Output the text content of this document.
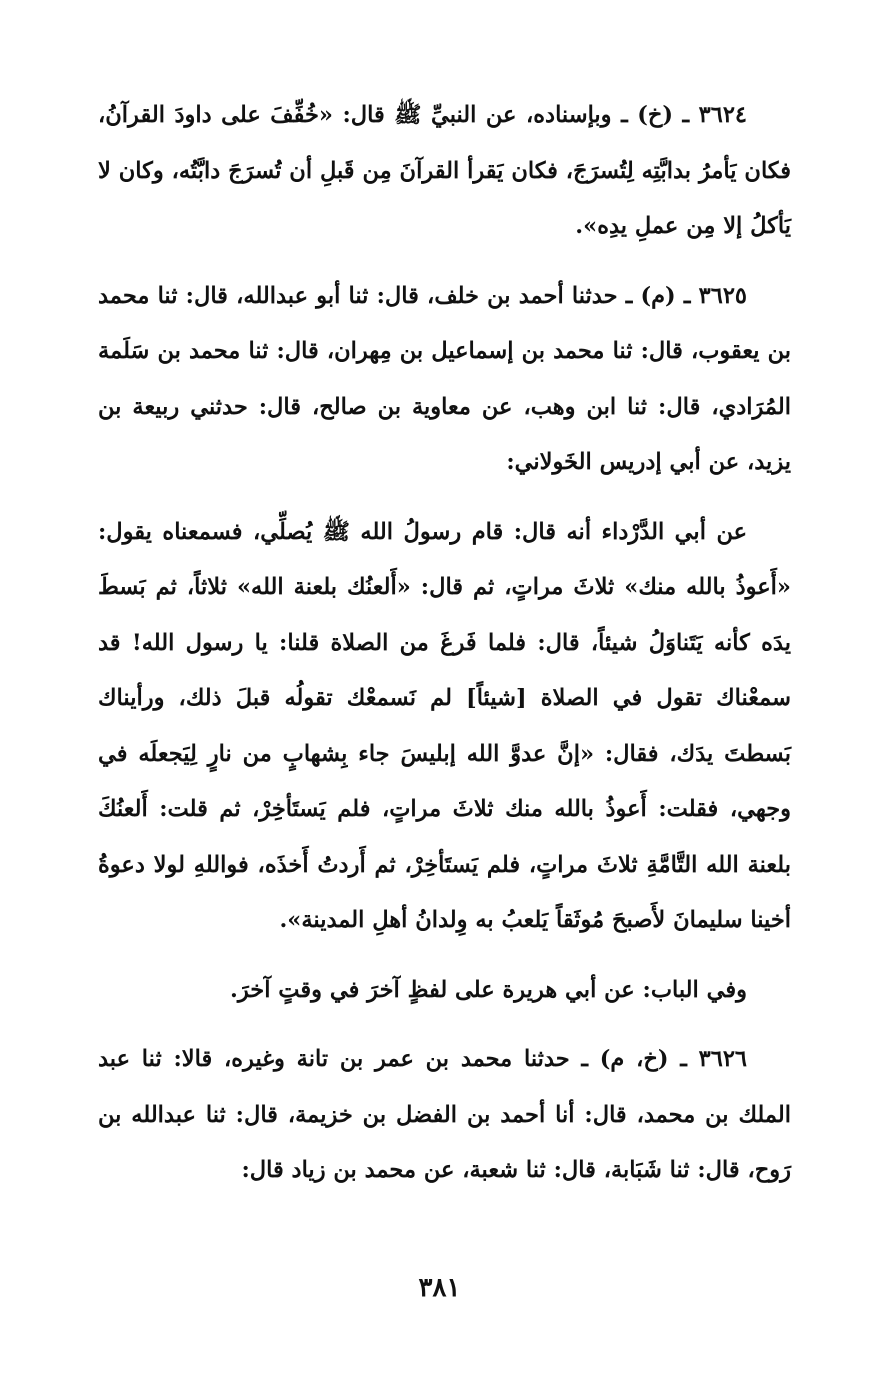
٣٦٢٤ ـ (خ) ـ وبإسناده، عن النبيِّ ﷺ قال: «خُفِّفَ على داودَ القرآنُ، فكان يَأمرُ بدابَّتِه لِتُسرَجَ، فكان يَقرأ القرآنَ مِن قَبلِ أن تُسرَجَ دابَّتُه، وكان لا يَأكلُ إلا مِن عملِ يدِه».

٣٦٢٥ ـ (م) ـ حدثنا أحمد بن خلف، قال: ثنا أبو عبدالله، قال: ثنا محمد بن يعقوب، قال: ثنا محمد بن إسماعيل بن مِهران، قال: ثنا محمد بن سَلَمة المُرَادي، قال: ثنا ابن وهب، عن معاوية بن صالح، قال: حدثني ربيعة بن يزيد، عن أبي إدريس الخَولاني:

عن أبي الدَّرْداء أنه قال: قام رسولُ الله ﷺ يُصلِّي، فسمعناه يقول: «أَعوذُ بالله منك» ثلاثَ مراتٍ، ثم قال: «أَلعنُك بلعنة الله» ثلاثاً، ثم بَسطَ يدَه كأنه يَتَناوَلُ شيئاً، قال: فلما فَرغَ من الصلاة قلنا: يا رسول الله! قد سمعْناك تقول في الصلاة [شيئاً] لم نَسمعْك تقولُه قبلَ ذلك، ورأيناك بَسطتَ يدَك، فقال: «إنَّ عدوَّ الله إبليسَ جاء بِشهابٍ من نارٍ لِيَجعلَه في وجهي، فقلت: أَعوذُ بالله منك ثلاثَ مراتٍ، فلم يَستَأخِرْ، ثم قلت: أَلعنُكَ بلعنة الله التَّامَّةِ ثلاثَ مراتٍ، فلم يَستَأخِرْ، ثم أَردتُ أَخذَه، فواللهِ لولا دعوةُ أخينا سليمانَ لأَصبحَ مُوثَقاً يَلعبُ به وِلدانُ أهلِ المدينة».

وفي الباب: عن أبي هريرة على لفظٍ آخرَ في وقتٍ آخرَ.

٣٦٢٦ ـ (خ، م) ـ حدثنا محمد بن عمر بن تانة وغيره، قالا: ثنا عبد الملك بن محمد، قال: أنا أحمد بن الفضل بن خزيمة، قال: ثنا عبدالله بن رَوح، قال: ثنا شَبَابة، قال: ثنا شعبة، عن محمد بن زياد قال:

٣٨١
